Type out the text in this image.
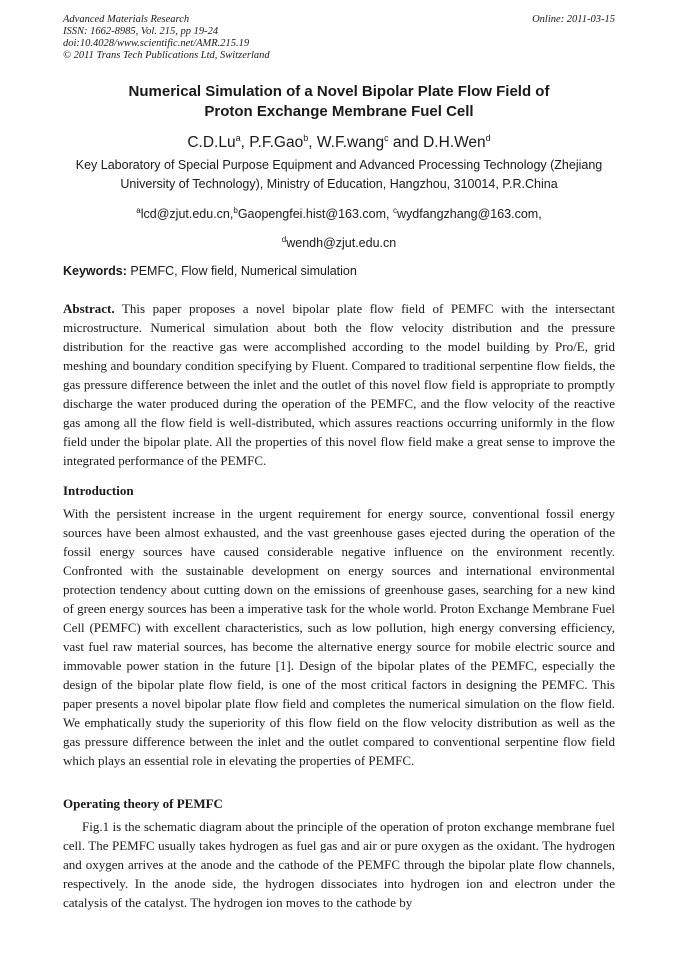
Advanced Materials Research
ISSN: 1662-8985, Vol. 215, pp 19-24
doi:10.4028/www.scientific.net/AMR.215.19
© 2011 Trans Tech Publications Ltd, Switzerland
Online: 2011-03-15
Numerical Simulation of a Novel Bipolar Plate Flow Field of
Proton Exchange Membrane Fuel Cell
C.D.Lu$^a$, P.F.Gao$^b$, W.F.wang$^c$ and D.H.Wen$^d$
Key Laboratory of Special Purpose Equipment and Advanced Processing Technology (Zhejiang
University of Technology), Ministry of Education, Hangzhou, 310014, P.R.China
$^a$lcd@zjut.edu.cn,$^b$Gaopengfei.hist@163.com, $^c$wydfangzhang@163.com,
$^d$wendh@zjut.edu.cn
Keywords: PEMFC, Flow field, Numerical simulation
Abstract. This paper proposes a novel bipolar plate flow field of PEMFC with the intersectant microstructure. Numerical simulation about both the flow velocity distribution and the pressure distribution for the reactive gas were accomplished according to the model building by Pro/E, grid meshing and boundary condition specifying by Fluent. Compared to traditional serpentine flow fields, the gas pressure difference between the inlet and the outlet of this novel flow field is appropriate to promptly discharge the water produced during the operation of the PEMFC, and the flow velocity of the reactive gas among all the flow field is well-distributed, which assures reactions occurring uniformly in the flow field under the bipolar plate. All the properties of this novel flow field make a great sense to improve the integrated performance of the PEMFC.
Introduction
With the persistent increase in the urgent requirement for energy source, conventional fossil energy sources have been almost exhausted, and the vast greenhouse gases ejected during the operation of the fossil energy sources have caused considerable negative influence on the environment recently. Confronted with the sustainable development on energy sources and international environmental protection tendency about cutting down on the emissions of greenhouse gases, searching for a new kind of green energy sources has been a imperative task for the whole world. Proton Exchange Membrane Fuel Cell (PEMFC) with excellent characteristics, such as low pollution, high energy conversing efficiency, vast fuel raw material sources, has become the alternative energy source for mobile electric source and immovable power station in the future [1]. Design of the bipolar plates of the PEMFC, especially the design of the bipolar plate flow field, is one of the most critical factors in designing the PEMFC. This paper presents a novel bipolar plate flow field and completes the numerical simulation on the flow field. We emphatically study the superiority of this flow field on the flow velocity distribution as well as the gas pressure difference between the inlet and the outlet compared to conventional serpentine flow field which plays an essential role in elevating the properties of PEMFC.
Operating theory of PEMFC
Fig.1 is the schematic diagram about the principle of the operation of proton exchange membrane fuel cell. The PEMFC usually takes hydrogen as fuel gas and air or pure oxygen as the oxidant. The hydrogen and oxygen arrives at the anode and the cathode of the PEMFC through the bipolar plate flow channels, respectively. In the anode side, the hydrogen dissociates into hydrogen ion and electron under the catalysis of the catalyst. The hydrogen ion moves to the cathode by
